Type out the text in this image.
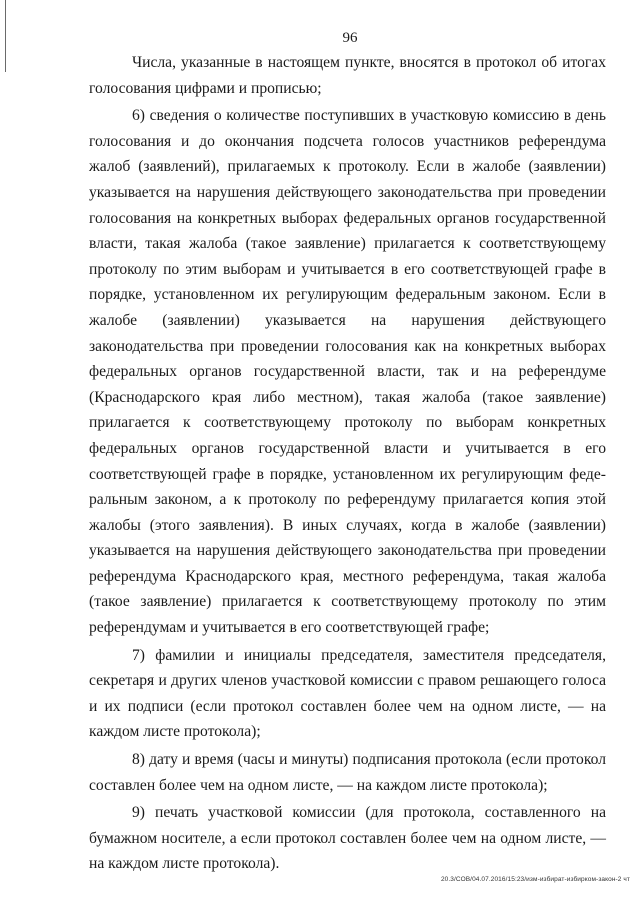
96

Числа, указанные в настоящем пункте, вносятся в протокол об итогах голосования цифрами и прописью;

6) сведения о количестве поступивших в участковую комиссию в день голосования и до окончания подсчета голосов участников референдума жалоб (заявлений), прилагаемых к протоколу. Если в жалобе (заявлении) указывается на нарушения действующего законодательства при проведении голосования на конкретных выборах федеральных органов государственной власти, такая жалоба (такое заявление) прилагается к соответствующему протоколу по этим выборам и учитывается в его соответствующей графе в порядке, установленном их регулирующим федеральным законом. Если в жалобе (заявлении) указывается на нарушения действующего законодательства при проведении голосования как на конкретных выборах федеральных органов государственной власти, так и на референдуме (Краснодарского края либо местном), такая жалоба (такое заявление) прилагается к соответствующему протоколу по выборам конкретных федеральных органов государственной власти и учитывается в его соответствующей графе в порядке, установленном их регулирующим федеральным законом, а к протоколу по референдуму прилагается копия этой жалобы (этого заявления). В иных случаях, когда в жалобе (заявлении) указывается на нарушения действующего законодательства при проведении референдума Краснодарского края, местного референдума, такая жалоба (такое заявление) прилагается к соответствующему протоколу по этим референдумам и учитывается в его соответствующей графе;

7) фамилии и инициалы председателя, заместителя председателя, секретаря и других членов участковой комиссии с правом решающего голоса и их подписи (если протокол составлен более чем на одном листе, — на каждом листе протокола);

8) дату и время (часы и минуты) подписания протокола (если протокол составлен более чем на одном листе, — на каждом листе протокола);

9) печать участковой комиссии (для протокола, составленного на бумажном носителе, а если протокол составлен более чем на одном листе, — на каждом листе протокола).

20.3/СОВ/04.07.2016/15:23/изм-избират-избирком-закон-2 чт
